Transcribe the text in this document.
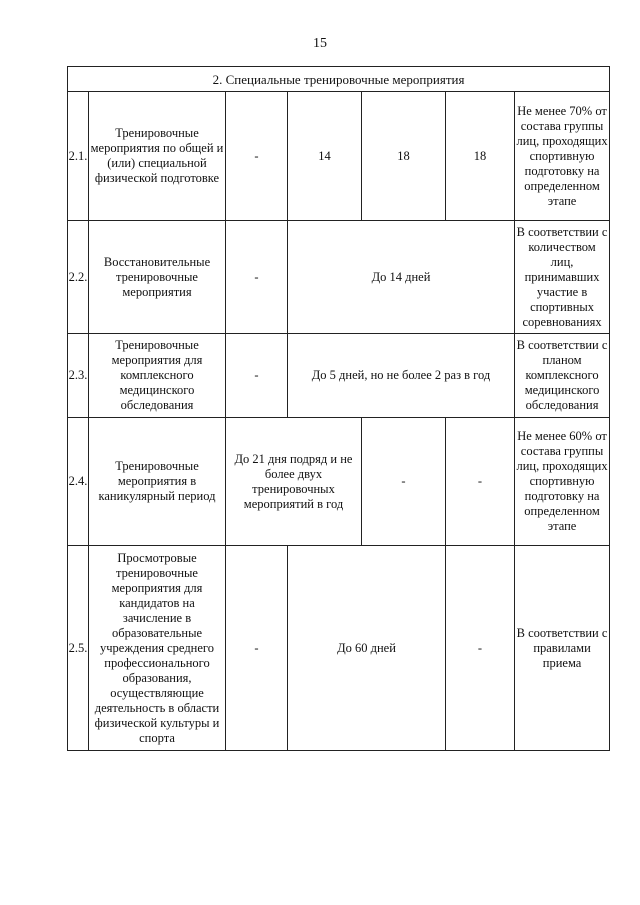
15
2. Специальные тренировочные мероприятия						
2.1.	Тренировочные мероприятия по общей и (или) специальной физической подготовке	-	14	18	18	Не менее 70% от состава группы лиц, проходящих спортивную подготовку на определенном этапе
2.2.	Восстановительные тренировочные мероприятия	-	До 14 дней			В соответствии с количеством лиц, принимавших участие в спортивных соревнованиях
2.3.	Тренировочные мероприятия для комплексного медицинского обследования	-	До 5 дней, но не более 2 раз в год			В соответствии с планом комплексного медицинского обследования
2.4.	Тренировочные мероприятия в каникулярный период	До 21 дня подряд и не более двух тренировочных мероприятий в год		-	-	Не менее 60% от состава группы лиц, проходящих спортивную подготовку на определенном этапе
2.5.	Просмотровые тренировочные мероприятия для кандидатов на зачисление в образовательные учреждения среднего профессионального образования, осуществляющие деятельность в области физической культуры и спорта	-	До 60 дней		-	В соответствии с правилами приема
